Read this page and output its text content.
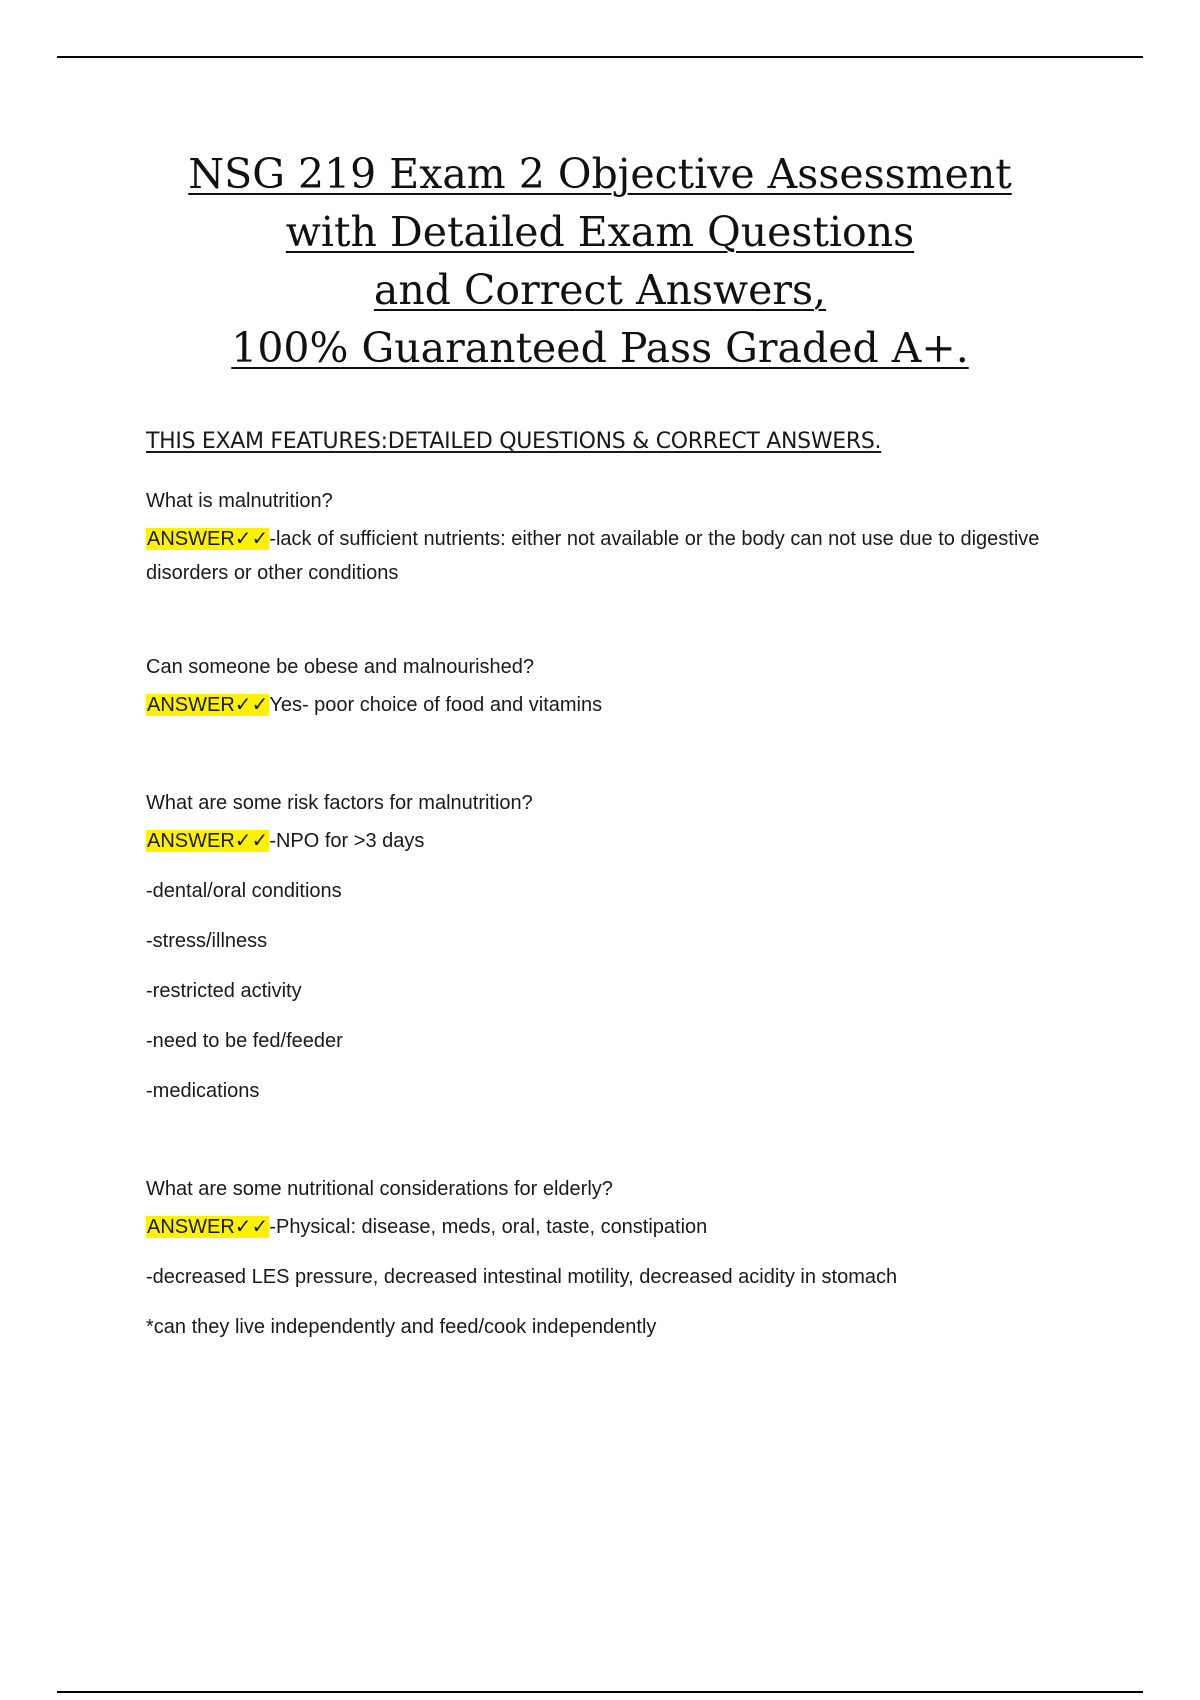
NSG 219 Exam 2 Objective Assessment
with Detailed Exam Questions
and Correct Answers,
100% Guaranteed Pass Graded A+.
THIS EXAM FEATURES:DETAILED QUESTIONS & CORRECT ANSWERS.

What is malnutrition?

ANSWER✓✓-lack of sufficient nutrients: either not available or the body can not use due to digestive disorders or other conditions

Can someone be obese and malnourished?

ANSWER✓✓Yes- poor choice of food and vitamins

What are some risk factors for malnutrition?

ANSWER✓✓-NPO for >3 days

-dental/oral conditions

-stress/illness

-restricted activity

-need to be fed/feeder

-medications

What are some nutritional considerations for elderly?

ANSWER✓✓-Physical: disease, meds, oral, taste, constipation

-decreased LES pressure, decreased intestinal motility, decreased acidity in stomach

*can they live independently and feed/cook independently
